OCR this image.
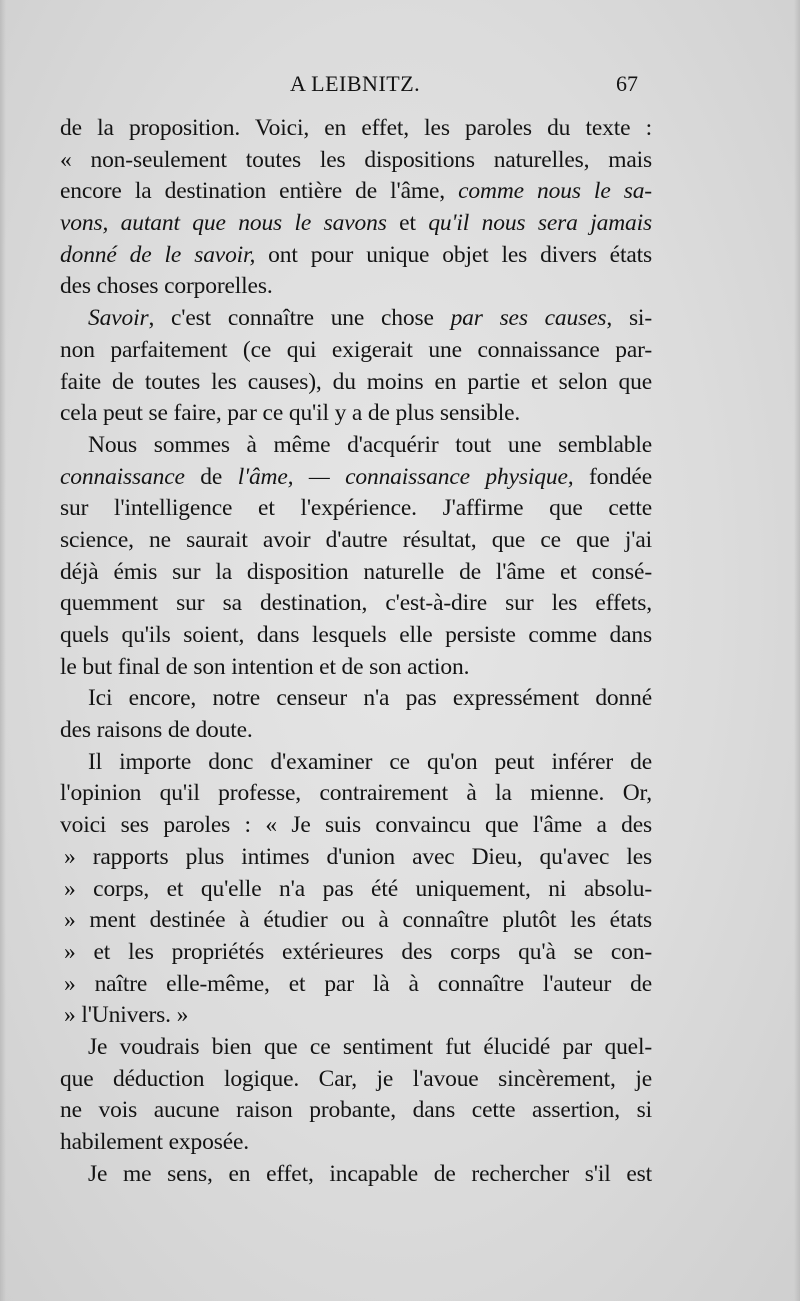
A LEIBNITZ.	67
de la proposition. Voici, en effet, les paroles du texte :
« non-seulement toutes les dispositions naturelles, mais
encore la destination entière de l'âme, comme nous le sa-
vons, autant que nous le savons et qu'il nous sera jamais
donné de le savoir, ont pour unique objet les divers états
des choses corporelles.
Savoir, c'est connaître une chose par ses causes, si-
non parfaitement (ce qui exigerait une connaissance par-
faite de toutes les causes), du moins en partie et selon que
cela peut se faire, par ce qu'il y a de plus sensible.
Nous sommes à même d'acquérir tout une semblable
connaissance de l'âme, — connaissance physique, fondée
sur l'intelligence et l'expérience. J'affirme que cette
science, ne saurait avoir d'autre résultat, que ce que j'ai
déjà émis sur la disposition naturelle de l'âme et consé-
quemment sur sa destination, c'est-à-dire sur les effets,
quels qu'ils soient, dans lesquels elle persiste comme dans
le but final de son intention et de son action.
Ici encore, notre censeur n'a pas expressément donné
des raisons de doute.
Il importe donc d'examiner ce qu'on peut inférer de
l'opinion qu'il professe, contrairement à la mienne. Or,
voici ses paroles : « Je suis convaincu que l'âme a des
» rapports plus intimes d'union avec Dieu, qu'avec les
» corps, et qu'elle n'a pas été uniquement, ni absolu-
» ment destinée à étudier ou à connaître plutôt les états
» et les propriétés extérieures des corps qu'à se con-
» naître elle-même, et par là à connaître l'auteur de
» l'Univers. »
Je voudrais bien que ce sentiment fut élucidé par quel-
que déduction logique. Car, je l'avoue sincèrement, je
ne vois aucune raison probante, dans cette assertion, si
habilement exposée.
Je me sens, en effet, incapable de rechercher s'il est
